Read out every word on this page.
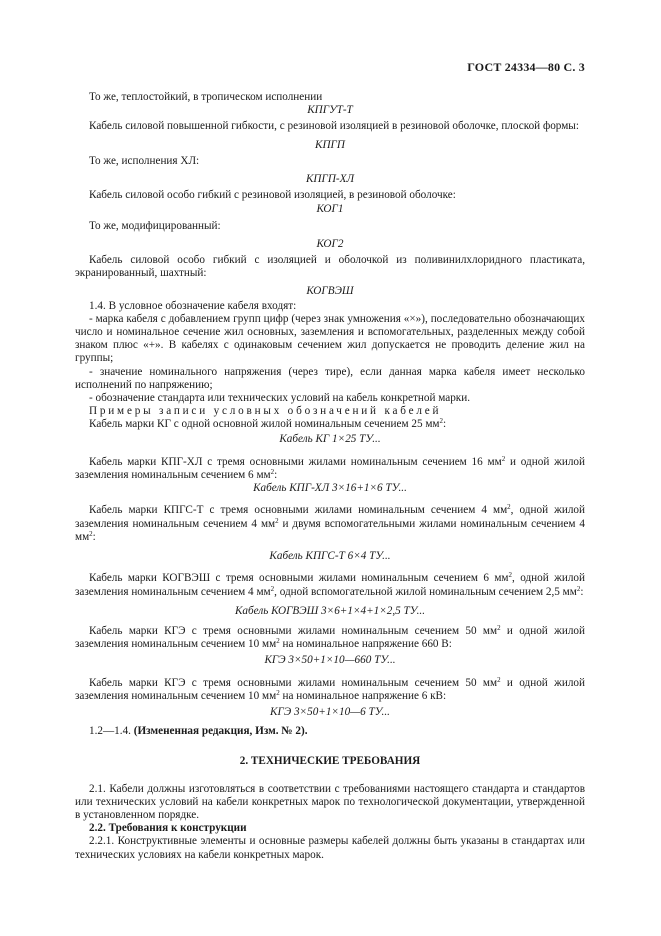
ГОСТ 24334—80 С. 3

То же, теплостойкий, в тропическом исполнении

КПГУТ-Т

Кабель силовой повышенной гибкости, с резиновой изоляцией в резиновой оболочке, плоской формы:

КПГП

То же, исполнения ХЛ:

КПГП-ХЛ

Кабель силовой особо гибкий с резиновой изоляцией, в резиновой оболочке:

КОГ1

То же, модифицированный:

КОГ2

Кабель силовой особо гибкий с изоляцией и оболочкой из поливинилхлоридного пластиката, экранированный, шахтный:

КОГВЭШ

1.4. В условное обозначение кабеля входят:

- марка кабеля с добавлением групп цифр (через знак умножения «×»), последовательно обозначающих число и номинальное сечение жил основных, заземления и вспомогательных, разделенных между собой знаком плюс «+». В кабелях с одинаковым сечением жил допускается не проводить деление жил на группы;

- значение номинального напряжения (через тире), если данная марка кабеля имеет несколько исполнений по напряжению;

- обозначение стандарта или технических условий на кабель конкретной марки.

Примеры записи условных обозначений кабелей

Кабель марки КГ с одной основной жилой номинальным сечением 25 $мм^2$:

Кабель КГ 1×25 ТУ...

Кабель марки КПГ-ХЛ с тремя основными жилами номинальным сечением 16 $мм^2$ и одной жилой заземления номинальным сечением 6 $мм^2$:

Кабель КПГ-ХЛ 3×16+1×6 ТУ...

Кабель марки КПГС-Т с тремя основными жилами номинальным сечением 4 $мм^2$, одной жилой заземления номинальным сечением 4 $мм^2$ и двумя вспомогательными жилами номинальным сечением 4 $мм^2$:

Кабель КПГС-Т 6×4 ТУ...

Кабель марки КОГВЭШ с тремя основными жилами номинальным сечением 6 $мм^2$, одной жилой заземления номинальным сечением 4 $мм^2$, одной вспомогательной жилой номинальным сечением 2,5 $мм^2$:

Кабель КОГВЭШ 3×6+1×4+1×2,5 ТУ...

Кабель марки КГЭ с тремя основными жилами номинальным сечением 50 $мм^2$ и одной жилой заземления номинальным сечением 10 $мм^2$ на номинальное напряжение 660 В:

КГЭ 3×50+1×10—660 ТУ...

Кабель марки КГЭ с тремя основными жилами номинальным сечением 50 $мм^2$ и одной жилой заземления номинальным сечением 10 $мм^2$ на номинальное напряжение 6 кВ:

КГЭ 3×50+1×10—6 ТУ...

1.2—1.4. (Измененная редакция, Изм. № 2).

2. ТЕХНИЧЕСКИЕ ТРЕБОВАНИЯ

2.1. Кабели должны изготовляться в соответствии с требованиями настоящего стандарта и стандартов или технических условий на кабели конкретных марок по технологической документации, утвержденной в установленном порядке.

2.2. Требования к конструкции

2.2.1. Конструктивные элементы и основные размеры кабелей должны быть указаны в стандартах или технических условиях на кабели конкретных марок.
